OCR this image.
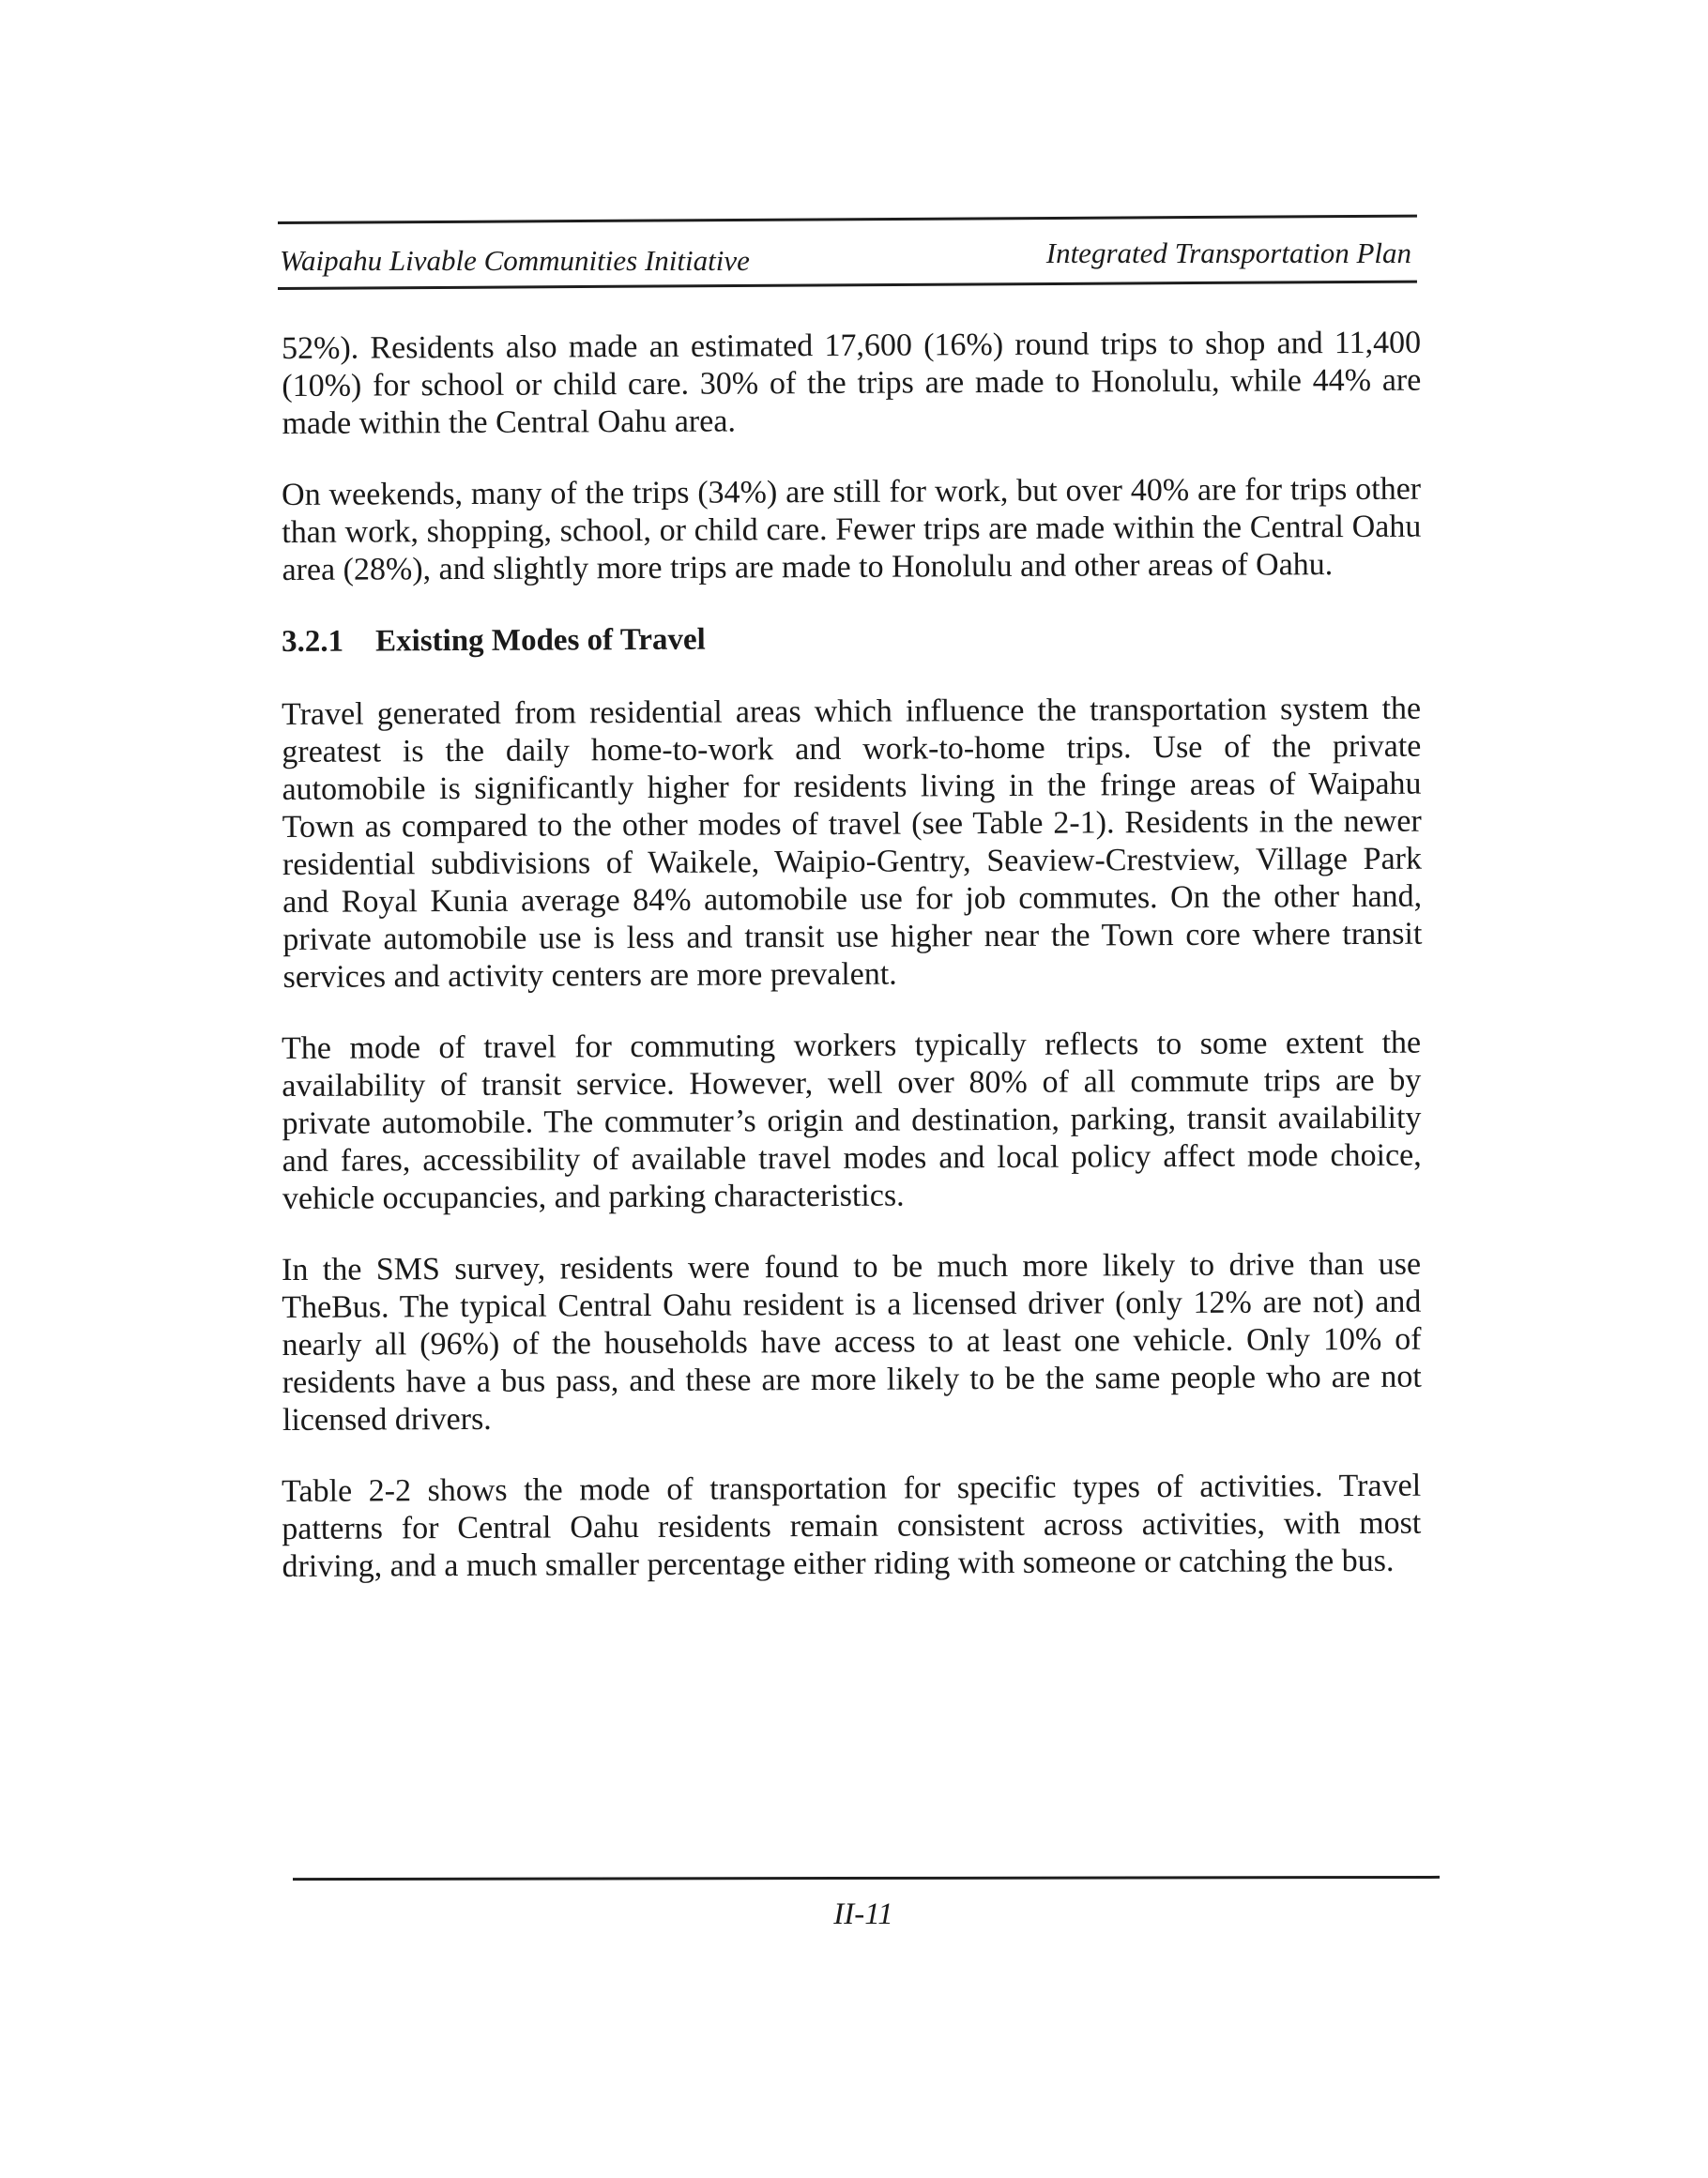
Waipahu Livable Communities Initiative	Integrated Transportation Plan

52%). Residents also made an estimated 17,600 (16%) round trips to shop and 11,400 (10%) for school or child care. 30% of the trips are made to Honolulu, while 44% are made within the Central Oahu area.

On weekends, many of the trips (34%) are still for work, but over 40% are for trips other than work, shopping, school, or child care. Fewer trips are made within the Central Oahu area (28%), and slightly more trips are made to Honolulu and other areas of Oahu.

3.2.1 Existing Modes of Travel

Travel generated from residential areas which influence the transportation system the greatest is the daily home-to-work and work-to-home trips. Use of the private automobile is significantly higher for residents living in the fringe areas of Waipahu Town as compared to the other modes of travel (see Table 2-1). Residents in the newer residential subdivisions of Waikele, Waipio-Gentry, Seaview-Crestview, Village Park and Royal Kunia average 84% automobile use for job commutes. On the other hand, private automobile use is less and transit use higher near the Town core where transit services and activity centers are more prevalent.

The mode of travel for commuting workers typically reflects to some extent the availability of transit service. However, well over 80% of all commute trips are by private automobile. The commuter’s origin and destination, parking, transit availability and fares, accessibility of available travel modes and local policy affect mode choice, vehicle occupancies, and parking characteristics.

In the SMS survey, residents were found to be much more likely to drive than use TheBus. The typical Central Oahu resident is a licensed driver (only 12% are not) and nearly all (96%) of the households have access to at least one vehicle. Only 10% of residents have a bus pass, and these are more likely to be the same people who are not licensed drivers.

Table 2-2 shows the mode of transportation for specific types of activities. Travel patterns for Central Oahu residents remain consistent across activities, with most driving, and a much smaller percentage either riding with someone or catching the bus.

II-11
